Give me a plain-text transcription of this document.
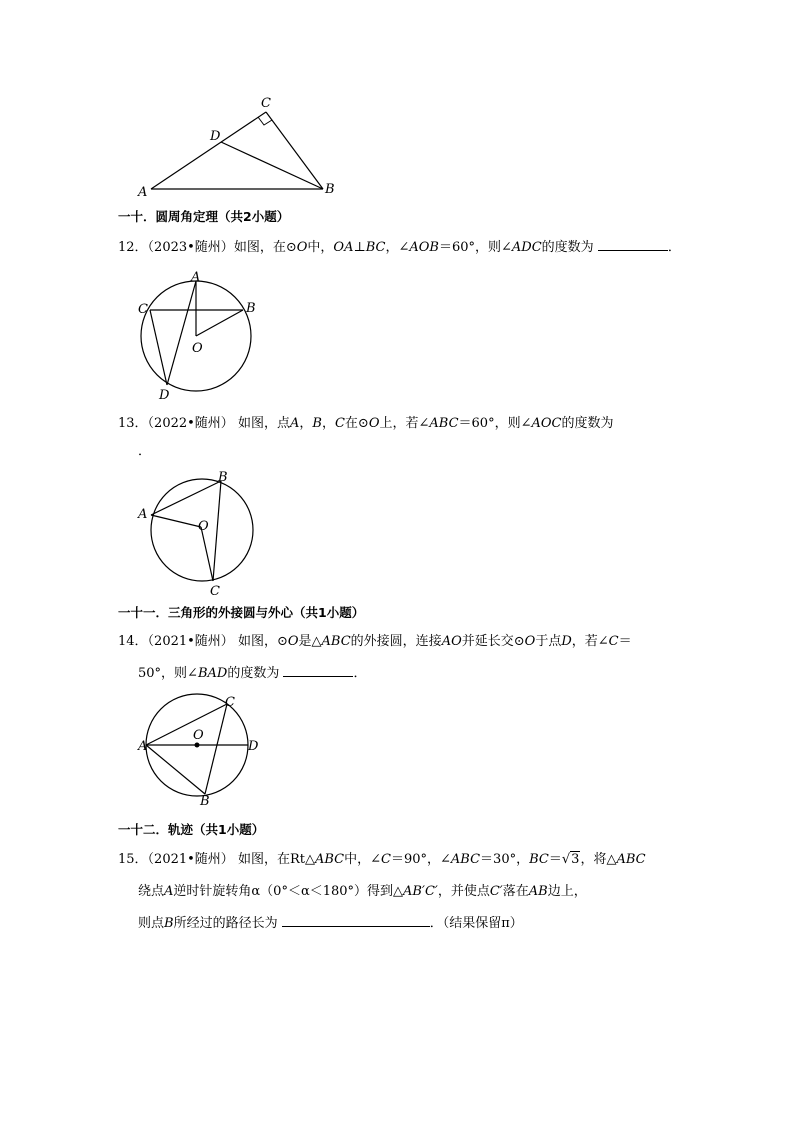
A	B
C
D
一十．圆周角定理（共2小题）
12．（2023•随州）如图，在⊙O中，OA⊥BC，∠AOB＝60°，则∠ADC的度数为	．
A
B
C
D
O
13．（2022•随州） 如图，点A，B，C在⊙O上，若∠ABC＝60°，则∠AOC的度数为
．
A
B
C
O
一十一．三角形的外接圆与外心（共1小题）
14．（2021•随州） 如图，⊙O是△ABC的外接圆，连接AO并延长交⊙O于点D，若∠C＝
50°，则∠BAD的度数为	．
A
B
C
D
O
一十二．轨迹（共1小题）
15．（2021•随州） 如图，在Rt△ABC中，∠C＝90°，∠ABC＝30°，BC＝√3，将△ABC
绕点A逆时针旋转角α（0°＜α＜180°）得到△AB′C′，并使点C′落在AB边上，
则点B所经过的路径长为	．（结果保留π）
